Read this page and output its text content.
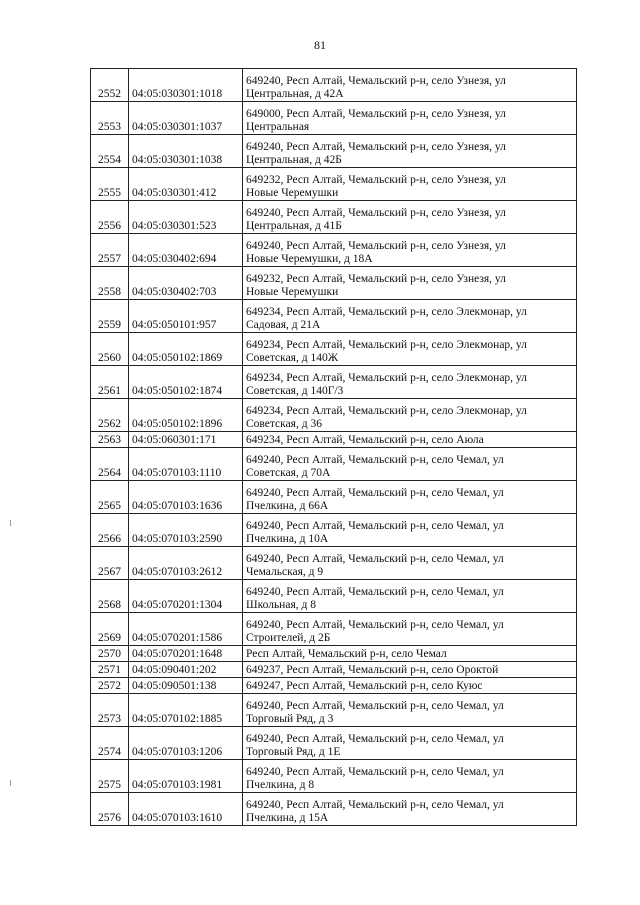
81
2552	04:05:030301:1018	649240, Респ Алтай, Чемальский р-н, село Узнезя, ул
Центральная, д 42А

2553	04:05:030301:1037	649000, Респ Алтай, Чемальский р-н, село Узнезя, ул
Центральная

2554	04:05:030301:1038	649240, Респ Алтай, Чемальский р-н, село Узнезя, ул
Центральная, д 42Б

2555	04:05:030301:412	649232, Респ Алтай, Чемальский р-н, село Узнезя, ул
Новые Черемушки

2556	04:05:030301:523	649240, Респ Алтай, Чемальский р-н, село Узнезя, ул
Центральная, д 41Б

2557	04:05:030402:694	649240, Респ Алтай, Чемальский р-н, село Узнезя, ул
Новые Черемушки, д 18А

2558	04:05:030402:703	649232, Респ Алтай, Чемальский р-н, село Узнезя, ул
Новые Черемушки

2559	04:05:050101:957	649234, Респ Алтай, Чемальский р-н, село Элекмонар, ул
Садовая, д 21А

2560	04:05:050102:1869	649234, Респ Алтай, Чемальский р-н, село Элекмонар, ул
Советская, д 140Ж

2561	04:05:050102:1874	649234, Респ Алтай, Чемальский р-н, село Элекмонар, ул
Советская, д 140Г/3

2562	04:05:050102:1896	649234, Респ Алтай, Чемальский р-н, село Элекмонар, ул
Советская, д 36

2563	04:05:060301:171	649234, Респ Алтай, Чемальский р-н, село Аюла

2564	04:05:070103:1110	649240, Респ Алтай, Чемальский р-н, село Чемал, ул
Советская, д 70А

2565	04:05:070103:1636	649240, Респ Алтай, Чемальский р-н, село Чемал, ул
Пчелкина, д 66А

2566	04:05:070103:2590	649240, Респ Алтай, Чемальский р-н, село Чемал, ул
Пчелкина, д 10А

2567	04:05:070103:2612	649240, Респ Алтай, Чемальский р-н, село Чемал, ул
Чемальская, д 9

2568	04:05:070201:1304	649240, Респ Алтай, Чемальский р-н, село Чемал, ул
Школьная, д 8

2569	04:05:070201:1586	649240, Респ Алтай, Чемальский р-н, село Чемал, ул
Строителей, д 2Б

2570	04:05:070201:1648	Респ Алтай, Чемальский р-н, село Чемал

2571	04:05:090401:202	649237, Респ Алтай, Чемальский р-н, село Ороктой

2572	04:05:090501:138	649247, Респ Алтай, Чемальский р-н, село Куюс

2573	04:05:070102:1885	649240, Респ Алтай, Чемальский р-н, село Чемал, ул
Торговый Ряд, д 3

2574	04:05:070103:1206	649240, Респ Алтай, Чемальский р-н, село Чемал, ул
Торговый Ряд, д 1Е

2575	04:05:070103:1981	649240, Респ Алтай, Чемальский р-н, село Чемал, ул
Пчелкина, д 8

2576	04:05:070103:1610	649240, Респ Алтай, Чемальский р-н, село Чемал, ул
Пчелкина, д 15А
